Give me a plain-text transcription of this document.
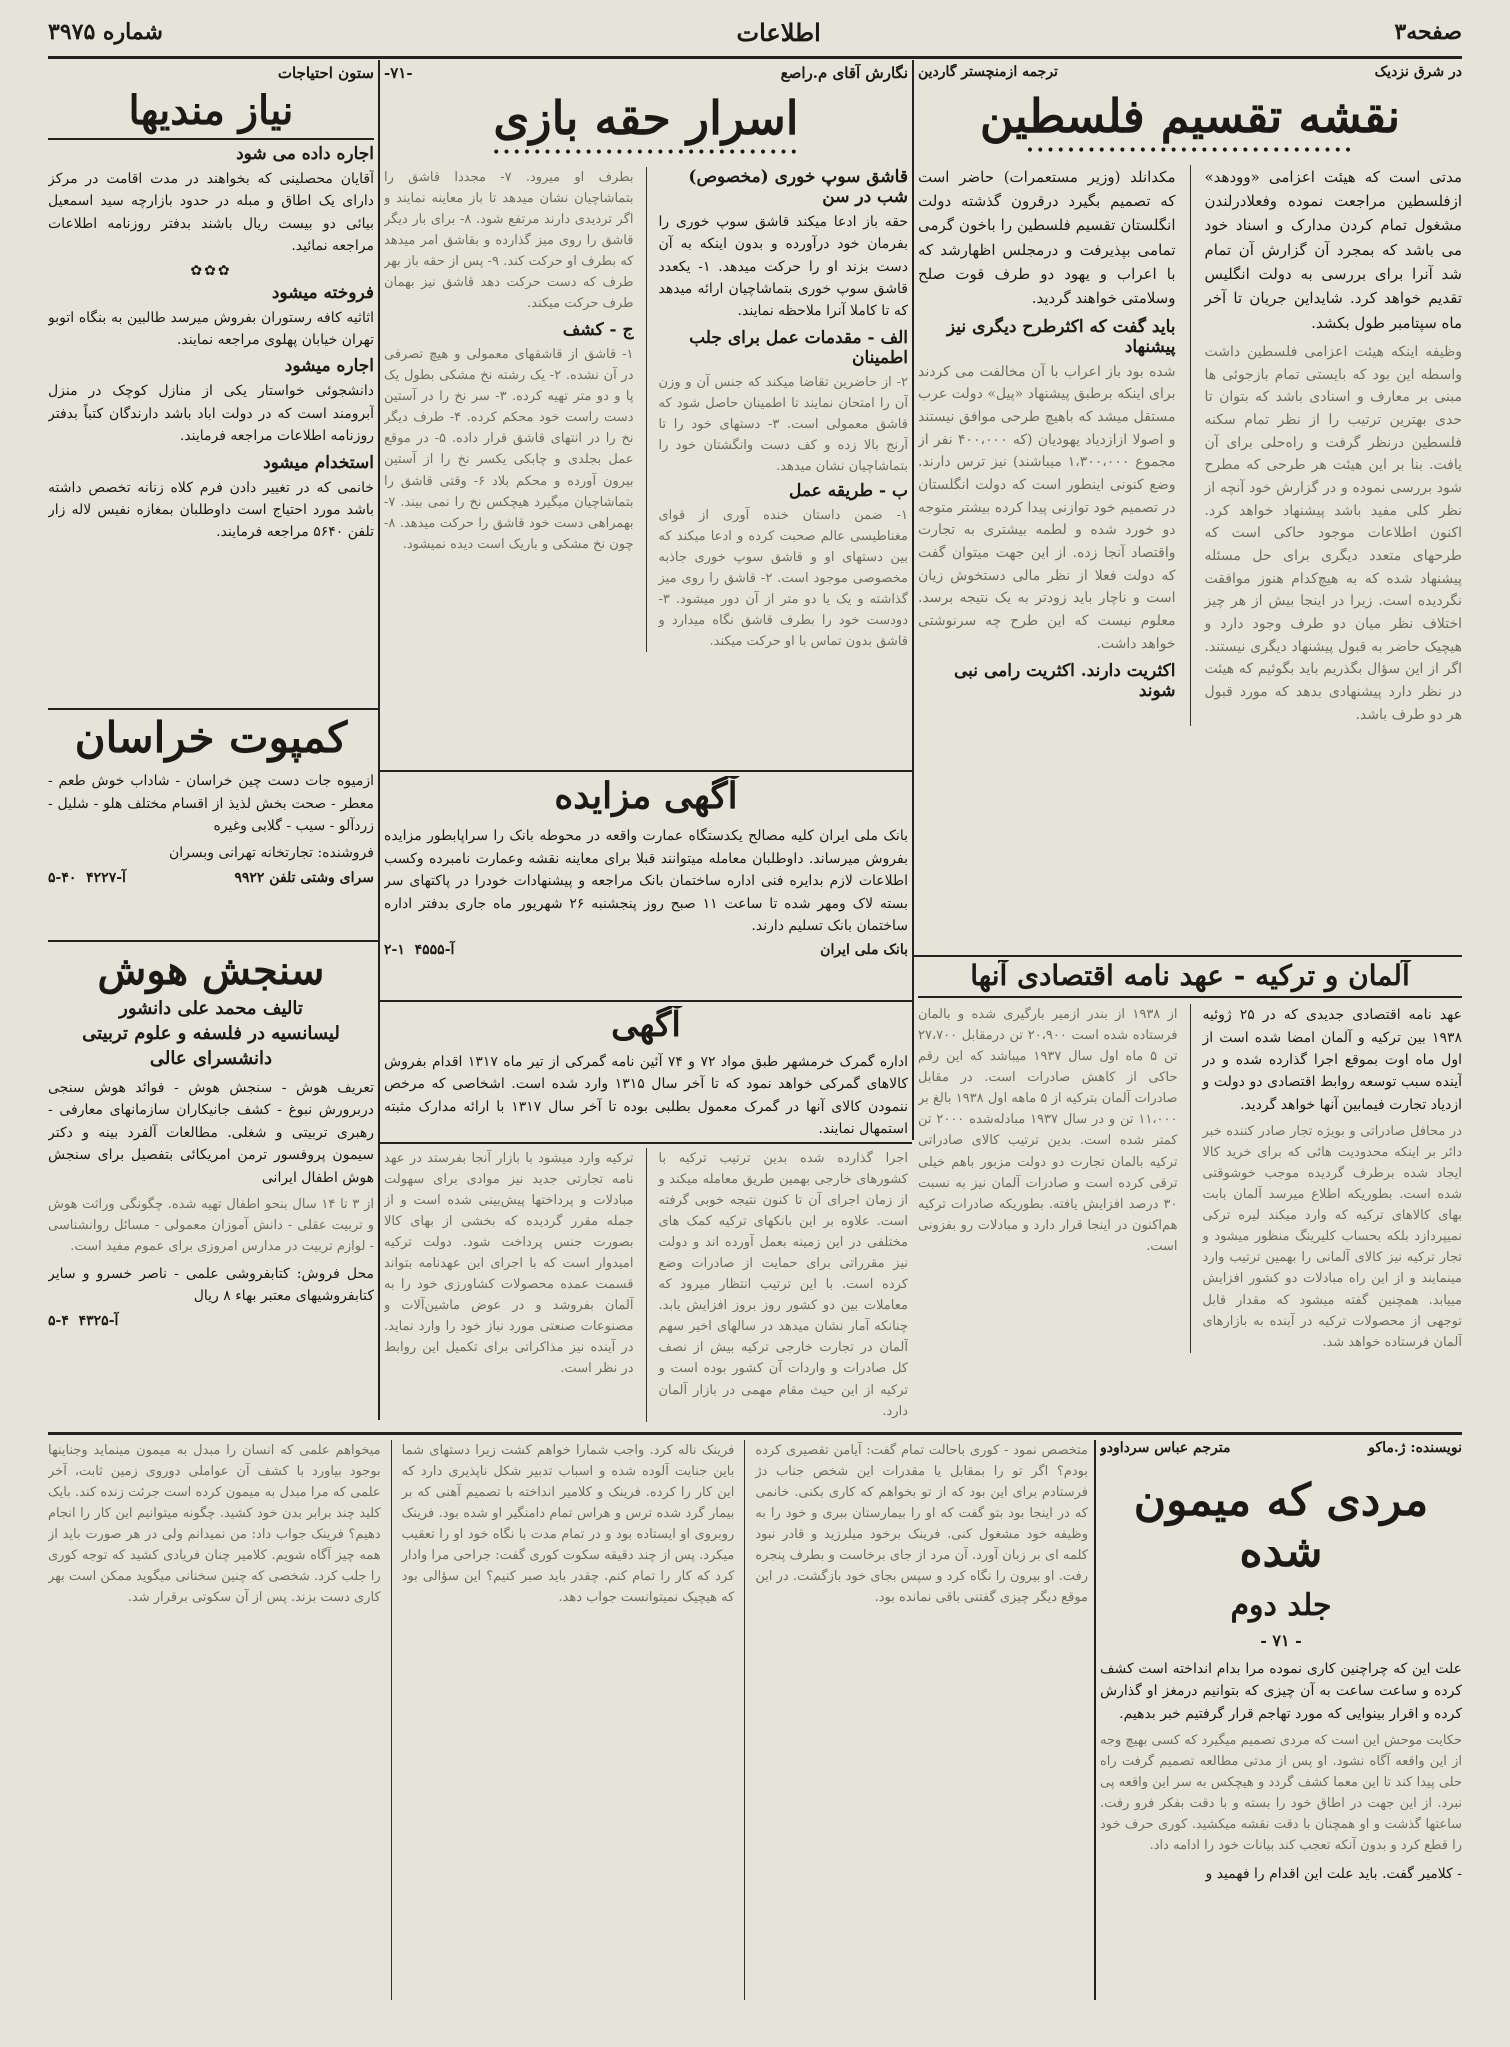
شماره ۳۹۷۵	اطلاعات	صفحه۳
در شرق نزدیک
ترجمه ازمنچستر گاردین
نقشه تقسیم فلسطین
••••••••••••••••••••••••••••••••

مدتی است که هیئت اعزامی «وودهد» ازفلسطین مراجعت نموده وفعلادرلندن مشغول تمام کردن مدارک و اسناد خود می باشد که بمجرد آن گزارش آن تمام شد آنرا برای بررسی به دولت انگلیس تقدیم خواهد کرد. شایداین جریان تا آخر ماه سپتامبر طول بکشد.

وظیفه اینکه هیئت اعزامی فلسطین داشت واسطه این بود که بایستی تمام بازجوئی ها مبنی بر معارف و اسنادی باشد که بتوان تا حدی بهترین ترتیب را از نظر تمام سکنه فلسطین درنظر گرفت و راه‌حلی برای آن یافت. بنا بر این هیئت هر طرحی که مطرح شود بررسی نموده و در گزارش خود آنچه از نظر کلی مفید باشد پیشنهاد خواهد کرد. اکنون اطلاعات موجود حاکی است که طرحهای متعدد دیگری برای حل مسئله پیشنهاد شده که به هیچ‌کدام هنوز موافقت نگردیده است. زیرا در اینجا بیش از هر چیز اختلاف نظر میان دو طرف وجود دارد و هیچیک حاضر به قبول پیشنهاد دیگری نیستند. اگر از این سؤال بگذریم باید بگوئیم که هیئت در نظر دارد پیشنهادی بدهد که مورد قبول هر دو طرف باشد.

مکدانلد (وزیر مستعمرات) حاضر است که تصمیم بگیرد درقرون گذشته دولت انگلستان تقسیم فلسطین را باخون گرمی تمامی بپذیرفت و درمجلس اظهارشد که با اعراب و یهود دو طرف قوت صلح وسلامتی خواهند گردید.

باید گفت که اکثرطرح دیگری نیز پیشنهاد

شده بود باز اعراب با آن مخالفت می کردند برای اینکه برطبق پیشنهاد «پیل» دولت عرب مستقل میشد که باهیچ طرحی موافق نیستند و اصولا ازازدیاد یهودیان (که ۴۰۰،۰۰۰ نفر از مجموع ۱،۳۰۰،۰۰۰ میباشند) نیز ترس دارند. وضع کنونی اینطور است که دولت انگلستان در تصمیم خود توازنی پیدا کرده بیشتر متوجه دو خورد شده و لطمه بیشتری به تجارت واقتصاد آنجا زده. از این جهت میتوان گفت که دولت فعلا از نظر مالی دستخوش زیان است و ناچار باید زودتر به یک نتیجه برسد. معلوم نیست که این طرح چه سرنوشتی خواهد داشت.

اکثریت دارند. اکثریت رامی نبی شوند

آلمان و ترکیه - عهد نامه اقتصادی آنها

عهد نامه اقتصادی جدیدی که در ۲۵ ژوئیه ۱۹۳۸ بین ترکیه و آلمان امضا شده است از اول ماه اوت بموقع اجرا گذارده شده و در آینده سبب توسعه روابط اقتصادی دو دولت و ازدیاد تجارت فیمابین آنها خواهد گردید.

در محافل صادراتی و بویژه تجار صادر کننده خبر دائر بر اینکه محدودیت هائی که برای خرید کالا ایجاد شده برطرف گردیده موجب خوشوقتی شده است. بطوریکه اطلاع میرسد آلمان بابت بهای کالاهای ترکیه که وارد میکند لیره ترکی نمیپردازد بلکه بحساب کلیرینگ منظور میشود و تجار ترکیه نیز کالای آلمانی را بهمین ترتیب وارد مینمایند و از این راه مبادلات دو کشور افزایش مییابد. همچنین گفته میشود که مقدار قابل توجهی از محصولات ترکیه در آینده به بازارهای آلمان فرستاده خواهد شد.
از ۱۹۳۸ از بندر ازمیر بارگیری شده و بالمان فرستاده شده است ۲۰،۹۰۰ تن درمقابل ۲۷،۷۰۰ تن ۵ ماه اول سال ۱۹۳۷ میباشد که این رقم حاکی از کاهش صادرات است. در مقابل صادرات آلمان بترکیه از ۵ ماهه اول ۱۹۳۸ بالغ بر ۱۱،۰۰۰ تن و در سال ۱۹۳۷ مبادله‌شده ۲۰۰۰ تن کمتر شده است. بدین ترتیب کالای صادراتی ترکیه بالمان تجارت دو دولت مزبور باهم خیلی ترقی کرده است و صادرات آلمان نیز به نسبت ۳۰ درصد افزایش یافته. بطوریکه صادرات ترکیه هم‌اکنون در اینجا قرار دارد و مبادلات رو بفزونی است.
نگارش آقای م.راصع
-۷۱-
اسرار حقه بازی
••••••••••••••••••••••••••••••

قاشق سوپ خوری (مخصوص) شب در سن

حقه باز ادعا میکند قاشق سوپ خوری را بفرمان خود درآورده و بدون اینکه به آن دست بزند او را حرکت میدهد. ۱- یکعدد قاشق سوپ خوری بتماشاچیان ارائه میدهد که تا کاملا آنرا ملاحظه نمایند.

الف - مقدمات عمل برای جلب اطمینان

۲- از حاضرین تقاضا میکند که جنس آن و وزن آن را امتحان نمایند تا اطمینان حاصل شود که قاشق معمولی است. ۳- دستهای خود را تا آرنج بالا زده و کف دست وانگشتان خود را بتماشاچیان نشان میدهد.

ب - طریقه عمل

۱- ضمن داستان خنده آوری از قوای مغناطیسی عالم صحبت کرده و ادعا میکند که بین دستهای او و قاشق سوپ خوری جاذبه مخصوصی موجود است. ۲- قاشق را روی میز گذاشته و یک یا دو متر از آن دور میشود. ۳- دودست خود را بطرف قاشق نگاه میدارد و قاشق بدون تماس با او حرکت میکند.
بطرف او میرود. ۷- مجددا قاشق را بتماشاچیان نشان میدهد تا باز معاینه نمایند و اگر تردیدی دارند مرتفع شود. ۸- برای بار دیگر قاشق را روی میز گذارده و بقاشق امر میدهد که بطرف او حرکت کند. ۹- پس از حقه باز بهر طرف که دست حرکت دهد قاشق نیز بهمان طرف حرکت میکند.

ج - کشف

۱- قاشق از قاشقهای معمولی و هیچ تصرفی در آن نشده. ۲- یک رشته نخ مشکی بطول یک پا و دو متر تهیه کرده. ۳- سر نخ را در آستین دست راست خود محکم کرده. ۴- طرف دیگر نخ را در انتهای قاشق قرار داده. ۵- در موقع عمل بجلدی و چابکی یکسر نخ را از آستین بیرون آورده و محکم بلاد ۶- وقتی قاشق را بتماشاچیان میگیرد هیچکس نخ را نمی بیند. ۷- بهمراهی دست خود قاشق را حرکت میدهد. ۸- چون نخ مشکی و باریک است دیده نمیشود.
آگهی مزایده

بانک ملی ایران کلیه مصالح یکدستگاه عمارت واقعه در محوطه بانک را سراپابطور مزایده بفروش میرساند. داوطلبان معامله میتوانند قبلا برای معاینه نقشه وعمارت نامبرده وکسب اطلاعات لازم بدایره فنی اداره ساختمان بانک مراجعه و پیشنهادات خودرا در پاکتهای سر بسته لاک ومهر شده تا ساعت ۱۱ صبح روز پنجشنبه ۲۶ شهریور ماه جاری بدفتر اداره ساختمان بانک تسلیم دارند.

بانک ملی ایران
آ-۴۵۵۵  ۱-۲
آگهی

اداره گمرک خرمشهر طبق مواد ۷۲ و ۷۴ آئین نامه گمرکی از تیر ماه ۱۳۱۷ اقدام بفروش کالاهای گمرکی خواهد نمود که تا آخر سال ۱۳۱۵ وارد شده است. اشخاصی که مرخص ننمودن کالای آنها در گمرک معمول بطلبی بوده تا آخر سال ۱۳۱۷ با ارائه مدارک مثبته استمهال نمایند.

اجرا گذارده شده بدین ترتیب ترکیه با کشورهای خارجی بهمین طریق معامله میکند و از زمان اجرای آن تا کنون نتیجه خوبی گرفته است. علاوه بر این بانکهای ترکیه کمک های مختلفی در این زمینه بعمل آورده اند و دولت نیز مقرراتی برای حمایت از صادرات وضع کرده است. با این ترتیب انتظار میرود که معاملات بین دو کشور روز بروز افزایش یابد. چنانکه آمار نشان میدهد در سالهای اخیر سهم آلمان در تجارت خارجی ترکیه بیش از نصف کل صادرات و واردات آن کشور بوده است و ترکیه از این حیث مقام مهمی در بازار آلمان دارد.
ترکیه وارد میشود با بازار آنجا بفرستد در عهد نامه تجارتی جدید نیز موادی برای سهولت مبادلات و پرداختها پیش‌بینی شده است و از جمله مقرر گردیده که بخشی از بهای کالا بصورت جنس پرداخت شود. دولت ترکیه امیدوار است که با اجرای این عهدنامه بتواند قسمت عمده محصولات کشاورزی خود را به آلمان بفروشد و در عوض ماشین‌آلات و مصنوعات صنعتی مورد نیاز خود را وارد نماید. در آینده نیز مذاکراتی برای تکمیل این روابط در نظر است.
ستون احتیاجات
نیاز مندیها

اجاره داده می شود

آقایان محصلینی که بخواهند در مدت اقامت در مرکز دارای یک اطاق و مبله در حدود بازارچه سید اسمعیل بیائی دو بیست ریال باشند بدفتر روزنامه اطلاعات مراجعه نمائید.

✿✿✿

فروخته میشود

اثاثیه کافه رستوران بفروش میرسد طالبین به بنگاه اتوبو تهران خیابان پهلوی مراجعه نمایند.

اجاره میشود

دانشجوئی خواستار یکی از منازل کوچک در منزل آبرومند است که در دولت اباد باشد دارندگان کتباً بدفتر روزنامه اطلاعات مراجعه فرمایند.

استخدام میشود

خانمی که در تغییر دادن فرم کلاه زنانه تخصص داشته باشد مورد احتیاج است داوطلبان بمغازه نفیس لاله زار تلفن ۵۶۴۰ مراجعه فرمایند.

کمپوت خراسان

ازمیوه جات دست چین خراسان - شاداب خوش طعم - معطر - صحت بخش لذیذ از اقسام مختلف هلو - شلیل - زردآلو - سیب - گلابی وغیره

فروشنده: تجارتخانه تهرانی وبسران

سرای وشتی تلفن ۹۹۲۲
آ-۴۲۲۷  ۴۰-۵
سنجش هوش

تالیف محمد علی دانشور

لیسانسیه در فلسفه و علوم تربیتی

دانشسرای عالی

تعریف هوش - سنجش هوش - فوائد هوش سنجی دربرورش نبوغ - کشف جانیکاران سازمانهای معارفی - رهبری تربیتی و شغلی. مطالعات آلفرد بینه و دکتر سیمون پروفسور ترمن امریکائی بتفصیل برای سنجش هوش اطفال ایرانی

از ۳ تا ۱۴ سال بنحو اطفال تهیه شده. چگونگی وراثت هوش و تربیت عقلی - دانش آموزان معمولی - مسائل روانشناسی - لوازم تربیت در مدارس امروزی برای عموم مفید است.

محل فروش: کتابفروشی علمی - ناصر خسرو و سایر کتابفروشیهای معتبر بهاء ۸ ریال

آ-۴۳۲۵  ۴-۵
نویسنده: ژ.ماکو
مترجم عباس سرداودو
مردی که میمون شده
جلد دوم
- ۷۱ -

علت این که چراچنین کاری نموده مرا بدام انداخته است کشف کرده و ساعت ساعت به آن چیزی که بتوانیم درمغز او گذارش کرده و اقرار بینوایی که مورد تهاجم قرار گرفتیم خبر بدهیم.

حکایت موحش این است که مردی تصمیم میگیرد که کسی بهیچ وجه از این واقعه آگاه نشود. او پس از مدتی مطالعه تصمیم گرفت راه حلی پیدا کند تا این معما کشف گردد و هیچکس به سر این واقعه پی نبرد. از این جهت در اطاق خود را بسته و با دقت بفکر فرو رفت. ساعتها گذشت و او همچنان با دقت نقشه میکشید. کوری حرف خود را قطع کرد و بدون آنکه تعجب کند بیانات خود را ادامه داد.

- کلامیر گفت. باید علت این اقدام را فهمید و

متخصص نمود - کوری باحالت تمام گفت: آیامن تقصیری کرده بودم؟ اگر تو را بمقابل یا مقدرات این شخص جناب دژ فرستادم برای این بود که از تو بخواهم که کاری بکنی. خانمی که در اینجا بود بتو گفت که او را بیمارستان ببری و خود را به وظیفه خود مشغول کنی. فرینک برخود میلرزید و قادر نبود کلمه ای بر زبان آورد. آن مرد از جای برخاست و بطرف پنجره رفت. او بیرون را نگاه کرد و سپس بجای خود بازگشت. در این موقع دیگر چیزی گفتنی باقی نمانده بود.
فرینک ناله کرد. واجب شمارا خواهم کشت زیرا دستهای شما باین جنایت آلوده شده و اسباب تدبیر شکل ناپذیری دارد که این کار را کرده. فرینک و کلامیر انداخته با تصمیم آهنی که بر بیمار گرد شده ترس و هراس تمام دامنگیر او شده بود. فرینک روبروی او ایستاده بود و در تمام مدت با نگاه خود او را تعقیب میکرد. پس از چند دقیقه سکوت کوری گفت: جراحی مرا وادار کرد که کار را تمام کنم. چقدر باید صبر کنیم؟ این سؤالی بود که هیچیک نمیتوانست جواب دهد.
میخواهم علمی که انسان را مبدل به میمون مینماید وجناینها بوجود بیاورد با کشف آن عواملی دوروی زمین ثابت، آخر علمی که مرا مبدل به میمون کرده است جرئت زنده کند. بایک کلید چند برابر بدن خود کشید. چگونه میتوانیم این کار را انجام دهیم؟ فرینک جواب داد: من نمیدانم ولی در هر صورت باید از همه چیز آگاه شویم. کلامیر چنان فریادی کشید که توجه کوری را جلب کرد. شخصی که چنین سخنانی میگوید ممکن است بهر کاری دست بزند. پس از آن سکوتی برقرار شد.
